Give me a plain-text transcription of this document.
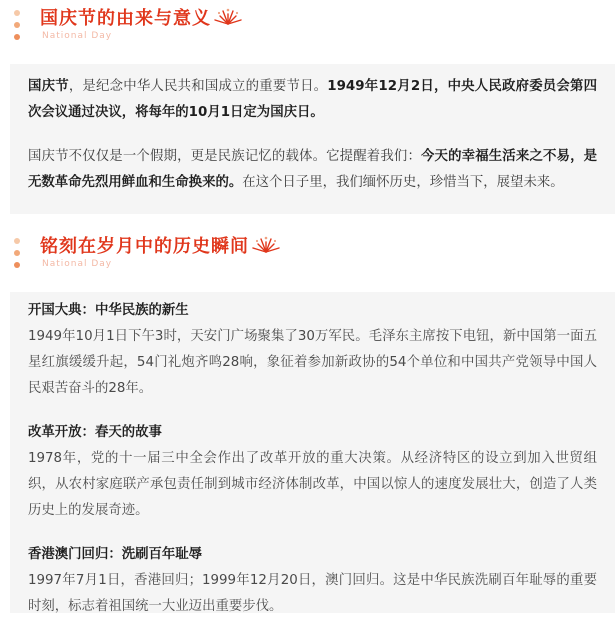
国庆节的由来与意义
National Day

国庆节，是纪念中华人民共和国成立的重要节日。1949年12月2日，中央人民政府委员会第四次会议通过决议，将每年的10月1日定为国庆日。

国庆节不仅仅是一个假期，更是民族记忆的载体。它提醒着我们：今天的幸福生活来之不易，是无数革命先烈用鲜血和生命换来的。在这个日子里，我们缅怀历史，珍惜当下，展望未来。

铭刻在岁月中的历史瞬间
National Day

开国大典：中华民族的新生

1949年10月1日下午3时，天安门广场聚集了30万军民。毛泽东主席按下电钮，新中国第一面五星红旗缓缓升起，54门礼炮齐鸣28响，象征着参加新政协的54个单位和中国共产党领导中国人民艰苦奋斗的28年。

改革开放：春天的故事

1978年，党的十一届三中全会作出了改革开放的重大决策。从经济特区的设立到加入世贸组织，从农村家庭联产承包责任制到城市经济体制改革，中国以惊人的速度发展壮大，创造了人类历史上的发展奇迹。

香港澳门回归：洗刷百年耻辱

1997年7月1日，香港回归；1999年12月20日，澳门回归。这是中华民族洗刷百年耻辱的重要时刻，标志着祖国统一大业迈出重要步伐。
